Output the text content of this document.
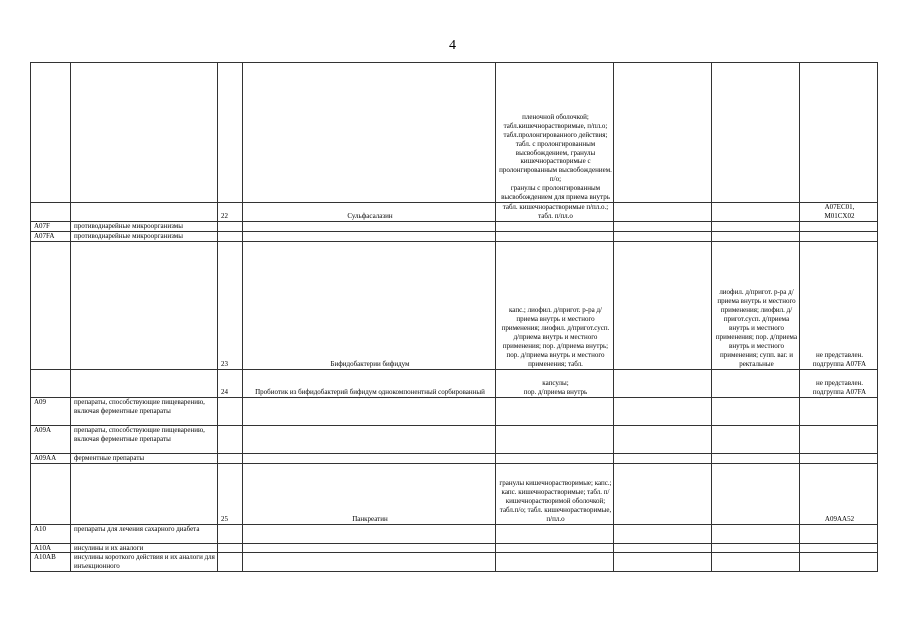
4
				пленочной оболочкой;
табл.кишечнорастворимые, п/пл.о;
табл.пролонгированного действия; табл. с пролонгированным высвобождением, гранулы кишечнорастворимые с пролонгированным высвобождением. п/о;
гранулы с пролонгированным высвобождением для приема внутрь			
		22	Сульфасалазин	табл. кишечнорастворимые п/пл.о.; табл. п/пл.о			A07EC01,
M01CX02
A07F	противодиарейные микроорганизмы						
A07FA	противодиарейные микроорганизмы						
		23	Бифидобактерии бифидум	капс.; лиофил. д/пригот. р-ра д/приема внутрь и местного применения; лиофил. д/пригот.сусп. д/приема внутрь и местного применения; пор. д/приема внутрь; пор. д/приема внутрь и местного применения; табл.		лиофил. д/пригот. р-ра д/приема внутрь и местного применения; лиофил. д/пригот.сусп. д/приема внутрь и местного применения; пор. д/приема внутрь и местного применения; супп. ваг. и ректальные	не представлен. подгруппа A07FA
		24	Пробиотик из бифидобактерий бифидум однокомпонентный сорбированный	капсулы;
пор. д/приема внутрь			не представлен. подгруппа A07FA
A09	препараты, способствующие пищеварению, включая ферментные препараты						
A09A	препараты, способствующие пищеварению, включая ферментные препараты						
A09AA	ферментные препараты						
		25	Панкреатин	гранулы кишечнорастворимые; капс.; капс. кишечнорастворимые; табл. п/кишечнорастворимой оболочкой; табл.п/о; табл. кишечнорастворимые, п/пл.о			A09AA52
A10	препараты для лечения сахарного диабета						
A10A	инсулины и их аналоги						
A10AB	инсулины короткого действия и их аналоги для инъекционного						
